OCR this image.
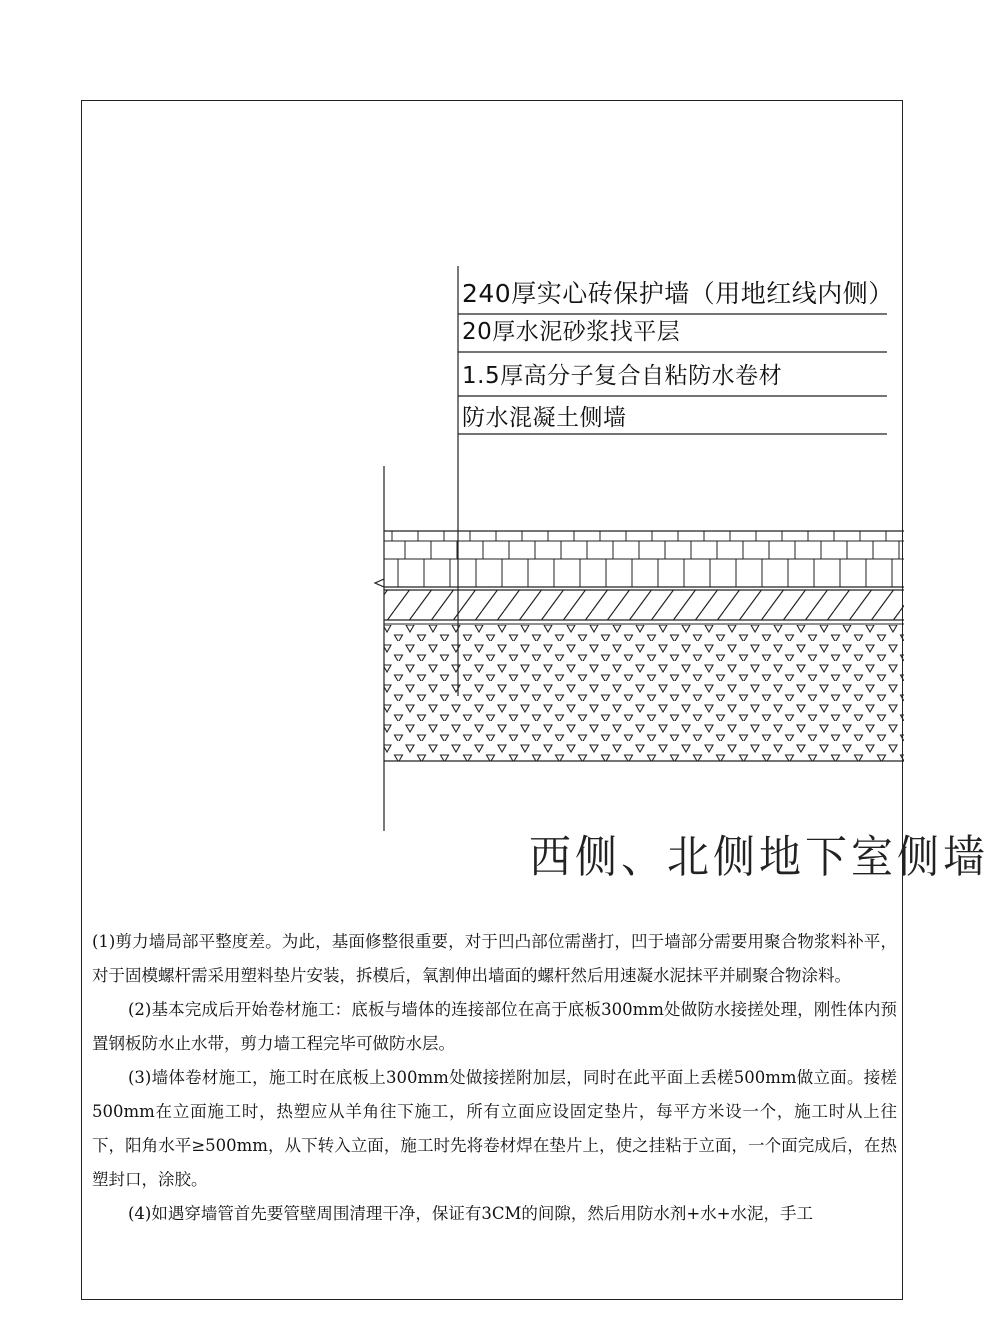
240厚实心砖保护墙（用地红线内侧）
20厚水泥砂浆找平层
1.5厚高分子复合自粘防水卷材
防水混凝土侧墙
西侧、北侧地下室侧墙

(1)剪力墙局部平整度差。为此，基面修整很重要，对于凹凸部位需凿打，凹于墙部分需要用聚合物浆料补平，对于固模螺杆需采用塑料垫片安装，拆模后，氧割伸出墙面的螺杆然后用速凝水泥抹平并刷聚合物涂料。

(2)基本完成后开始卷材施工：底板与墙体的连接部位在高于底板300mm处做防水接搓处理，刚性体内预置钢板防水止水带，剪力墙工程完毕可做防水层。

(3)墙体卷材施工，施工时在底板上300mm处做接搓附加层，同时在此平面上丢槎500mm做立面。接槎500mm在立面施工时，热塑应从羊角往下施工，所有立面应设固定垫片，每平方米设一个，施工时从上往下，阳角水平≥500mm，从下转入立面，施工时先将卷材焊在垫片上，使之挂粘于立面，一个面完成后，在热塑封口，涂胶。

(4)如遇穿墙管首先要管壁周围清理干净，保证有3CM的间隙，然后用防水剂+水+水泥，手工
